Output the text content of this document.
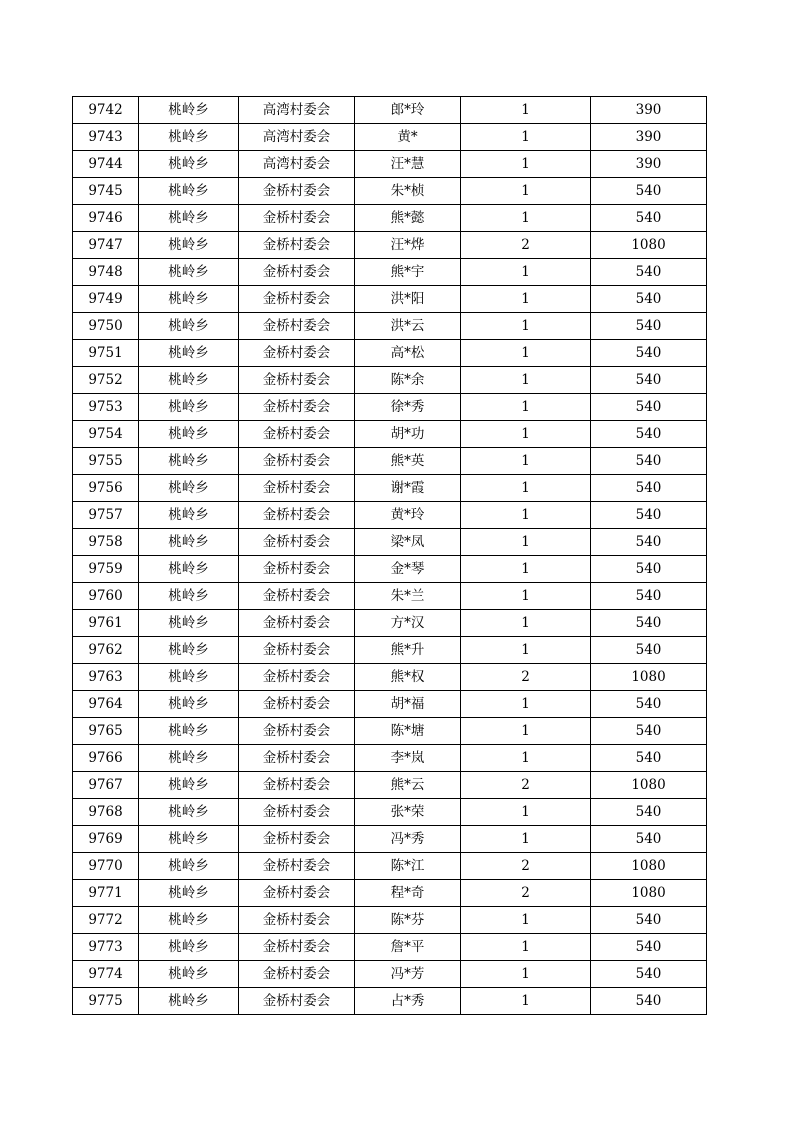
9742	桃岭乡	高湾村委会	郎*玲	1	390
9743	桃岭乡	高湾村委会	黄*	1	390
9744	桃岭乡	高湾村委会	汪*慧	1	390
9745	桃岭乡	金桥村委会	朱*桢	1	540
9746	桃岭乡	金桥村委会	熊*懿	1	540
9747	桃岭乡	金桥村委会	汪*烨	2	1080
9748	桃岭乡	金桥村委会	熊*宇	1	540
9749	桃岭乡	金桥村委会	洪*阳	1	540
9750	桃岭乡	金桥村委会	洪*云	1	540
9751	桃岭乡	金桥村委会	高*松	1	540
9752	桃岭乡	金桥村委会	陈*余	1	540
9753	桃岭乡	金桥村委会	徐*秀	1	540
9754	桃岭乡	金桥村委会	胡*功	1	540
9755	桃岭乡	金桥村委会	熊*英	1	540
9756	桃岭乡	金桥村委会	谢*霞	1	540
9757	桃岭乡	金桥村委会	黄*玲	1	540
9758	桃岭乡	金桥村委会	梁*凤	1	540
9759	桃岭乡	金桥村委会	金*琴	1	540
9760	桃岭乡	金桥村委会	朱*兰	1	540
9761	桃岭乡	金桥村委会	方*汉	1	540
9762	桃岭乡	金桥村委会	熊*升	1	540
9763	桃岭乡	金桥村委会	熊*权	2	1080
9764	桃岭乡	金桥村委会	胡*福	1	540
9765	桃岭乡	金桥村委会	陈*塘	1	540
9766	桃岭乡	金桥村委会	李*岚	1	540
9767	桃岭乡	金桥村委会	熊*云	2	1080
9768	桃岭乡	金桥村委会	张*荣	1	540
9769	桃岭乡	金桥村委会	冯*秀	1	540
9770	桃岭乡	金桥村委会	陈*江	2	1080
9771	桃岭乡	金桥村委会	程*奇	2	1080
9772	桃岭乡	金桥村委会	陈*芬	1	540
9773	桃岭乡	金桥村委会	詹*平	1	540
9774	桃岭乡	金桥村委会	冯*芳	1	540
9775	桃岭乡	金桥村委会	占*秀	1	540
